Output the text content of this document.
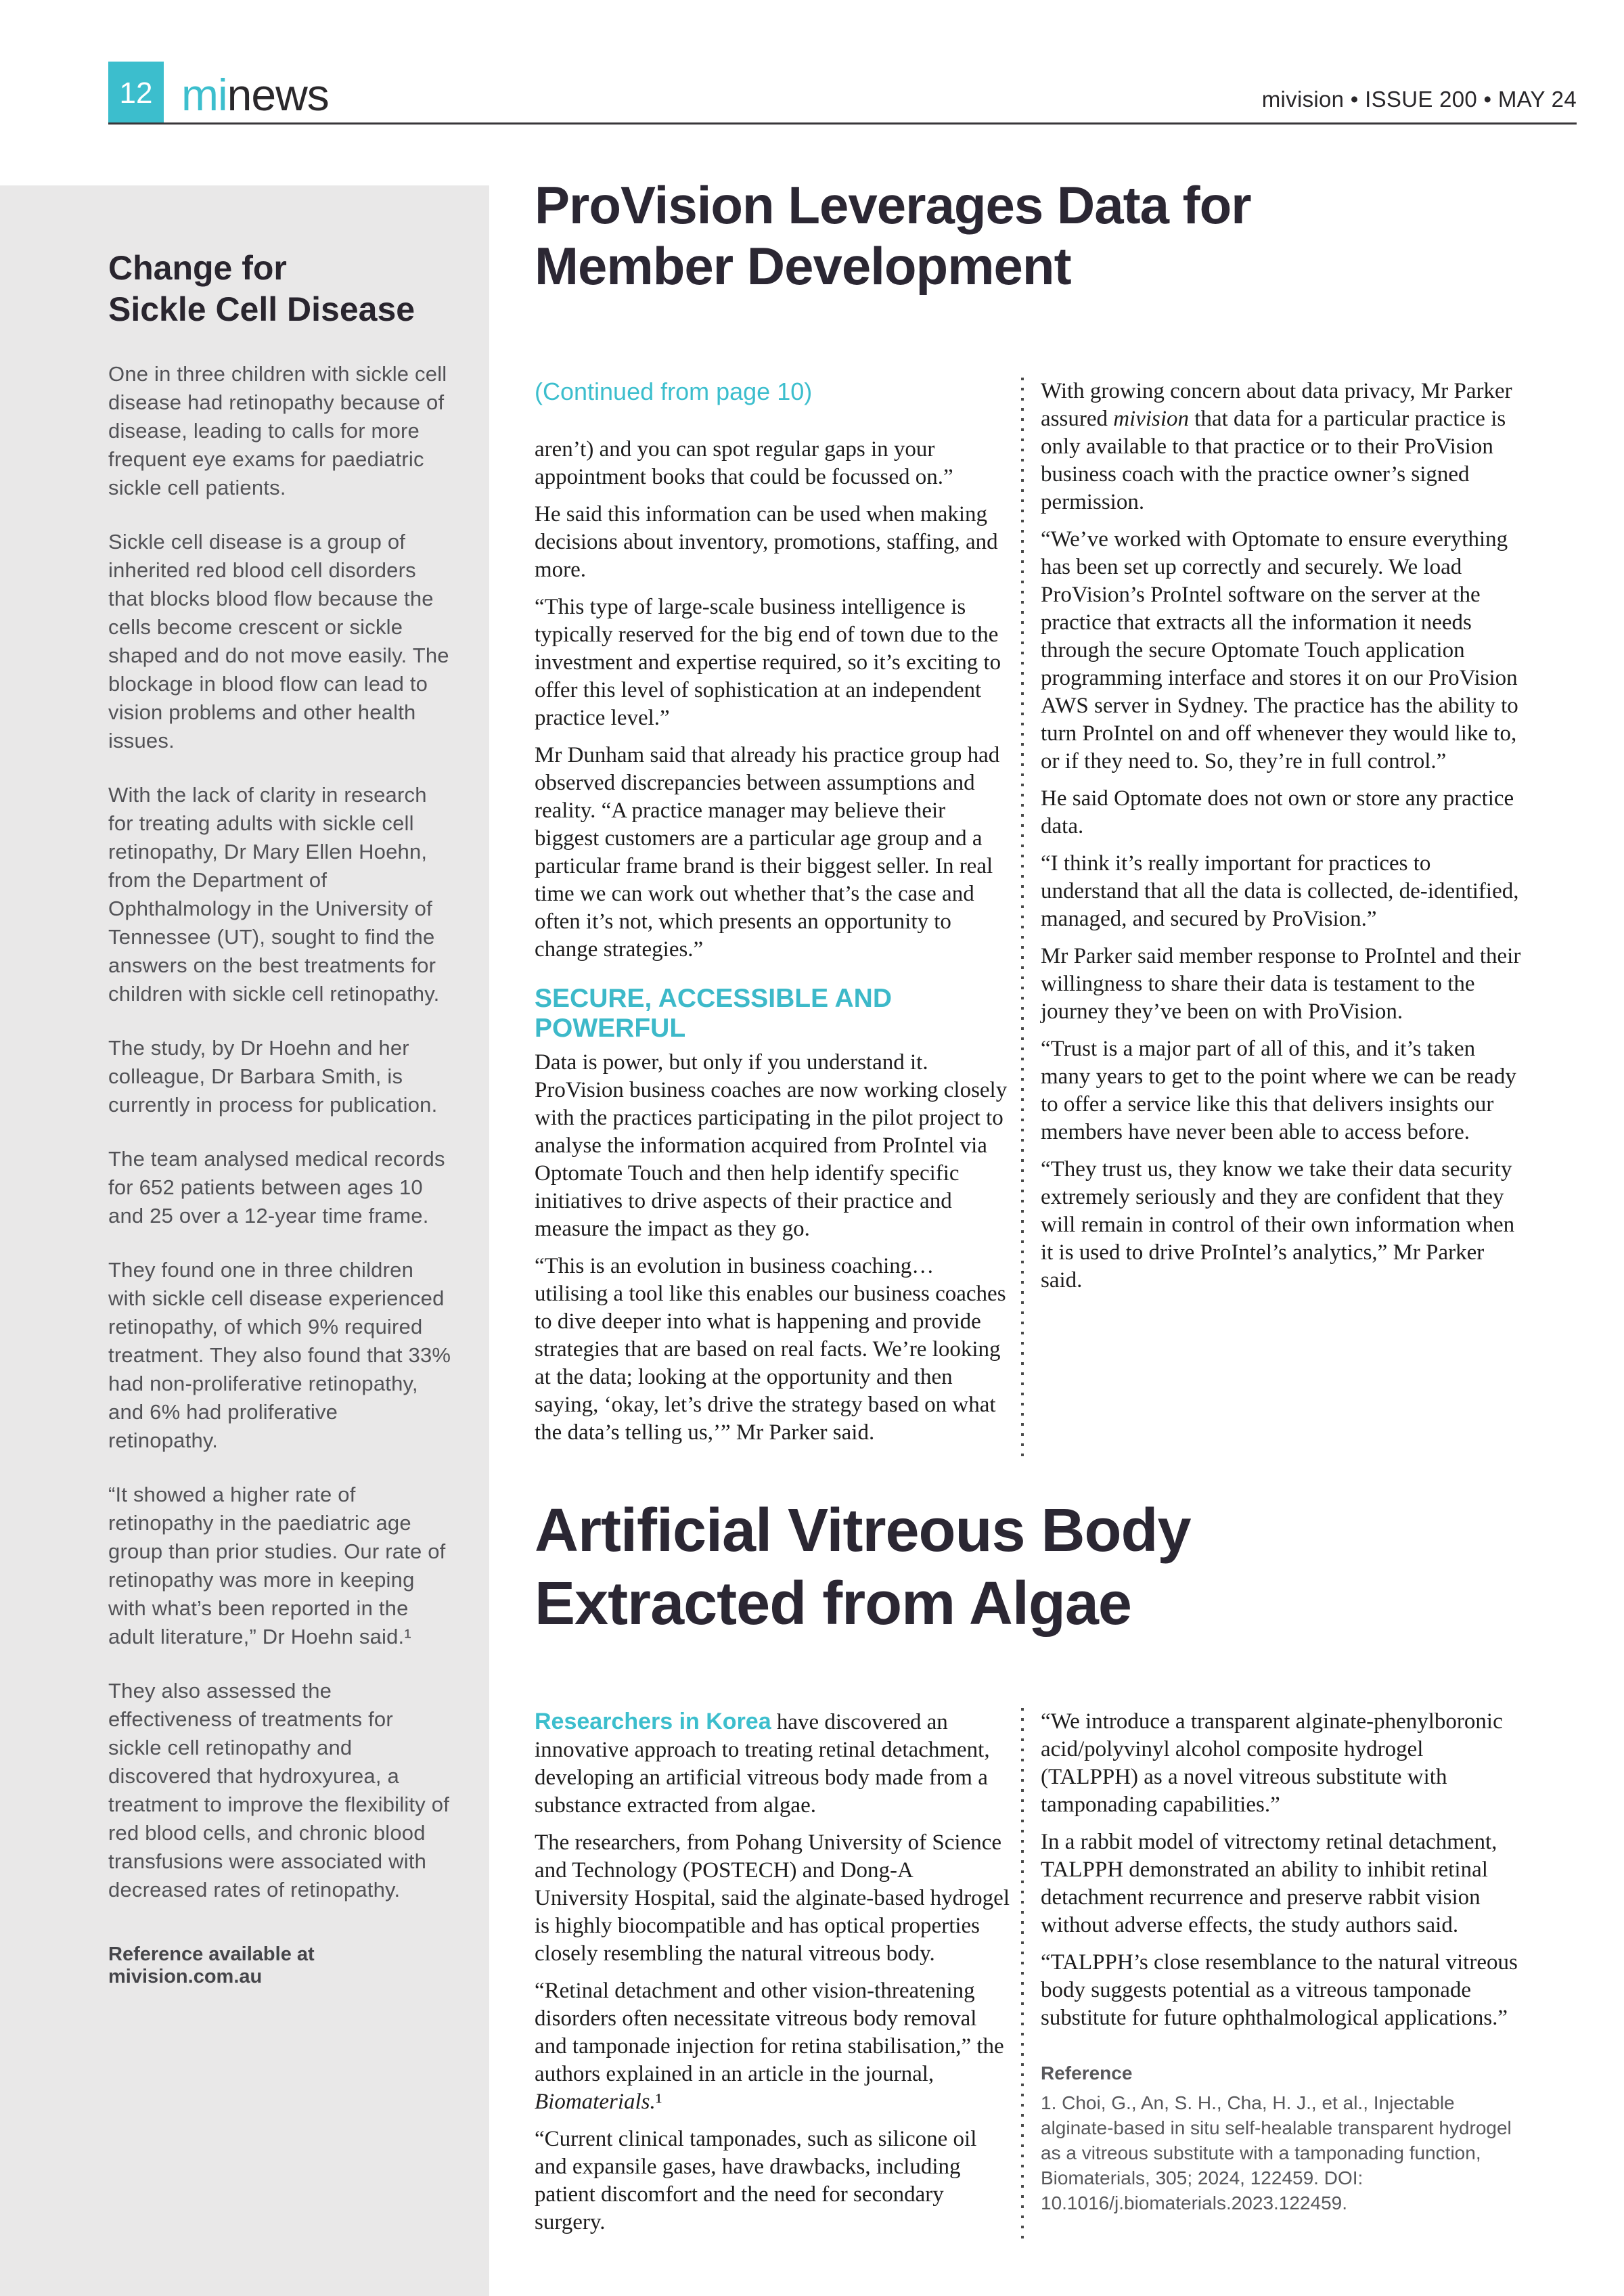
12 minews	mivision • ISSUE 200 • MAY 24
Change for
Sickle Cell Disease

One in three children with sickle cell disease had retinopathy because of disease, leading to calls for more frequent eye exams for paediatric sickle cell patients.

Sickle cell disease is a group of inherited red blood cell disorders that blocks blood flow because the cells become crescent or sickle shaped and do not move easily. The blockage in blood flow can lead to vision problems and other health issues.

With the lack of clarity in research for treating adults with sickle cell retinopathy, Dr Mary Ellen Hoehn, from the Department of Ophthalmology in the University of Tennessee (UT), sought to find the answers on the best treatments for children with sickle cell retinopathy.

The study, by Dr Hoehn and her colleague, Dr Barbara Smith, is currently in process for publication.

The team analysed medical records for 652 patients between ages 10 and 25 over a 12-year time frame.

They found one in three children with sickle cell disease experienced retinopathy, of which 9% required treatment. They also found that 33% had non-proliferative retinopathy, and 6% had proliferative retinopathy.

“It showed a higher rate of retinopathy in the paediatric age group than prior studies. Our rate of retinopathy was more in keeping with what’s been reported in the adult literature,” Dr Hoehn said.¹

They also assessed the effectiveness of treatments for sickle cell retinopathy and discovered that hydroxyurea, a treatment to improve the flexibility of red blood cells, and chronic blood transfusions were associated with decreased rates of retinopathy.

Reference available at mivision.com.au
ProVision Leverages Data for
Member Development
(Continued from page 10)

aren’t) and you can spot regular gaps in your appointment books that could be focussed on.”

He said this information can be used when making decisions about inventory, promotions, staffing, and more.

“This type of large-scale business intelligence is typically reserved for the big end of town due to the investment and expertise required, so it’s exciting to offer this level of sophistication at an independent practice level.”

Mr Dunham said that already his practice group had observed discrepancies between assumptions and reality. “A practice manager may believe their biggest customers are a particular age group and a particular frame brand is their biggest seller. In real time we can work out whether that’s the case and often it’s not, which presents an opportunity to change strategies.”

SECURE, ACCESSIBLE AND POWERFUL

Data is power, but only if you understand it. ProVision business coaches are now working closely with the practices participating in the pilot project to analyse the information acquired from ProIntel via Optomate Touch and then help identify specific initiatives to drive aspects of their practice and measure the impact as they go.

“This is an evolution in business coaching… utilising a tool like this enables our business coaches to dive deeper into what is happening and provide strategies that are based on real facts. We’re looking at the data; looking at the opportunity and then saying, ‘okay, let’s drive the strategy based on what the data’s telling us,’” Mr Parker said.

With growing concern about data privacy, Mr Parker assured mivision that data for a particular practice is only available to that practice or to their ProVision business coach with the practice owner’s signed permission.

“We’ve worked with Optomate to ensure everything has been set up correctly and securely. We load ProVision’s ProIntel software on the server at the practice that extracts all the information it needs through the secure Optomate Touch application programming interface and stores it on our ProVision AWS server in Sydney. The practice has the ability to turn ProIntel on and off whenever they would like to, or if they need to. So, they’re in full control.”

He said Optomate does not own or store any practice data.

“I think it’s really important for practices to understand that all the data is collected, de-identified, managed, and secured by ProVision.”

Mr Parker said member response to ProIntel and their willingness to share their data is testament to the journey they’ve been on with ProVision.

“Trust is a major part of all of this, and it’s taken many years to get to the point where we can be ready to offer a service like this that delivers insights our members have never been able to access before.

“They trust us, they know we take their data security extremely seriously and they are confident that they will remain in control of their own information when it is used to drive ProIntel’s analytics,” Mr Parker said.

Artificial Vitreous Body
Extracted from Algae

Researchers in Korea have discovered an innovative approach to treating retinal detachment, developing an artificial vitreous body made from a substance extracted from algae.

The researchers, from Pohang University of Science and Technology (POSTECH) and Dong-A University Hospital, said the alginate-based hydrogel is highly biocompatible and has optical properties closely resembling the natural vitreous body.

“Retinal detachment and other vision-threatening disorders often necessitate vitreous body removal and tamponade injection for retina stabilisation,” the authors explained in an article in the journal, Biomaterials.¹

“Current clinical tamponades, such as silicone oil and expansile gases, have drawbacks, including patient discomfort and the need for secondary surgery.

“We introduce a transparent alginate-phenylboronic acid/polyvinyl alcohol composite hydrogel (TALPPH) as a novel vitreous substitute with tamponading capabilities.”

In a rabbit model of vitrectomy retinal detachment, TALPPH demonstrated an ability to inhibit retinal detachment recurrence and preserve rabbit vision without adverse effects, the study authors said.

“TALPPH’s close resemblance to the natural vitreous body suggests potential as a vitreous tamponade substitute for future ophthalmological applications.”

Reference

1. Choi, G., An, S. H., Cha, H. J., et al., Injectable alginate-based in situ self-healable transparent hydrogel as a vitreous substitute with a tamponading function, Biomaterials, 305; 2024, 122459. DOI: 10.1016/j.biomaterials.2023.122459.
